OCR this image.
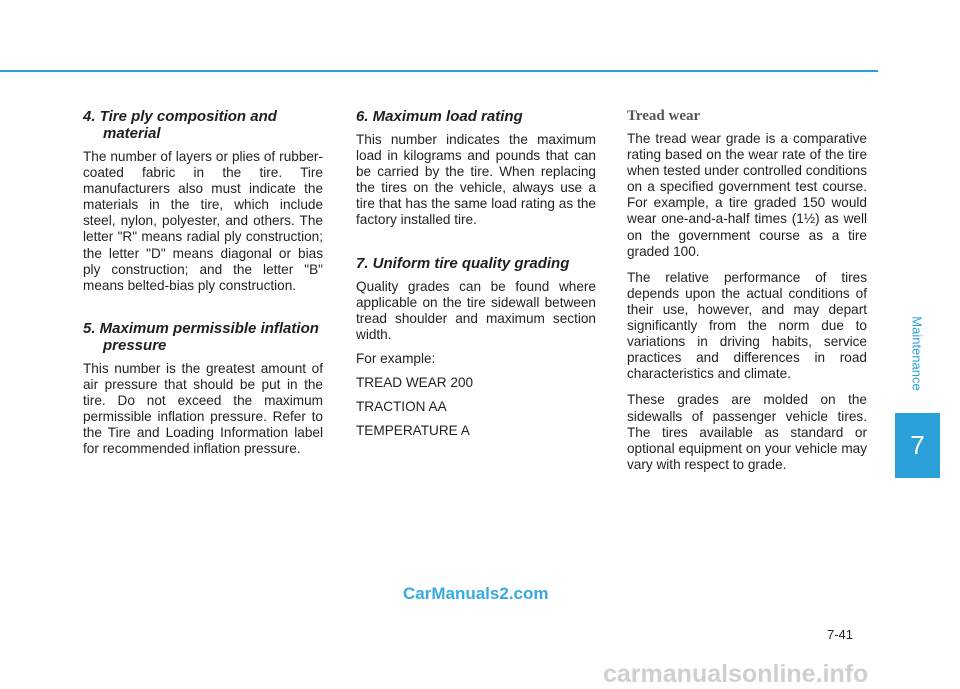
4. Tire ply composition and material

The number of layers or plies of rubber-coated fabric in the tire. Tire manufacturers also must indicate the materials in the tire, which include steel, nylon, polyester, and others. The letter "R" means radial ply construction; the letter "D" means diagonal or bias ply construction; and the letter "B" means belted-bias ply construction.

5. Maximum permissible inflation pressure

This number is the greatest amount of air pressure that should be put in the tire. Do not exceed the maximum permissible inflation pressure. Refer to the Tire and Loading Information label for recommended inflation pressure.

6. Maximum load rating

This number indicates the maximum load in kilograms and pounds that can be carried by the tire. When replacing the tires on the vehicle, always use a tire that has the same load rating as the factory installed tire.

7. Uniform tire quality grading

Quality grades can be found where applicable on the tire sidewall between tread shoulder and maximum section width.

For example:

TREAD WEAR 200

TRACTION AA

TEMPERATURE A

Tread wear

The tread wear grade is a comparative rating based on the wear rate of the tire when tested under controlled conditions on a specified government test course. For example, a tire graded 150 would wear one-and-a-half times (1½) as well on the government course as a tire graded 100.

The relative performance of tires depends upon the actual conditions of their use, however, and may depart significantly from the norm due to variations in driving habits, service practices and differences in road characteristics and climate.

These grades are molded on the sidewalls of passenger vehicle tires. The tires available as standard or optional equipment on your vehicle may vary with respect to grade.

Maintenance
7
CarManuals2.com
7-41
carmanualsonline.info
